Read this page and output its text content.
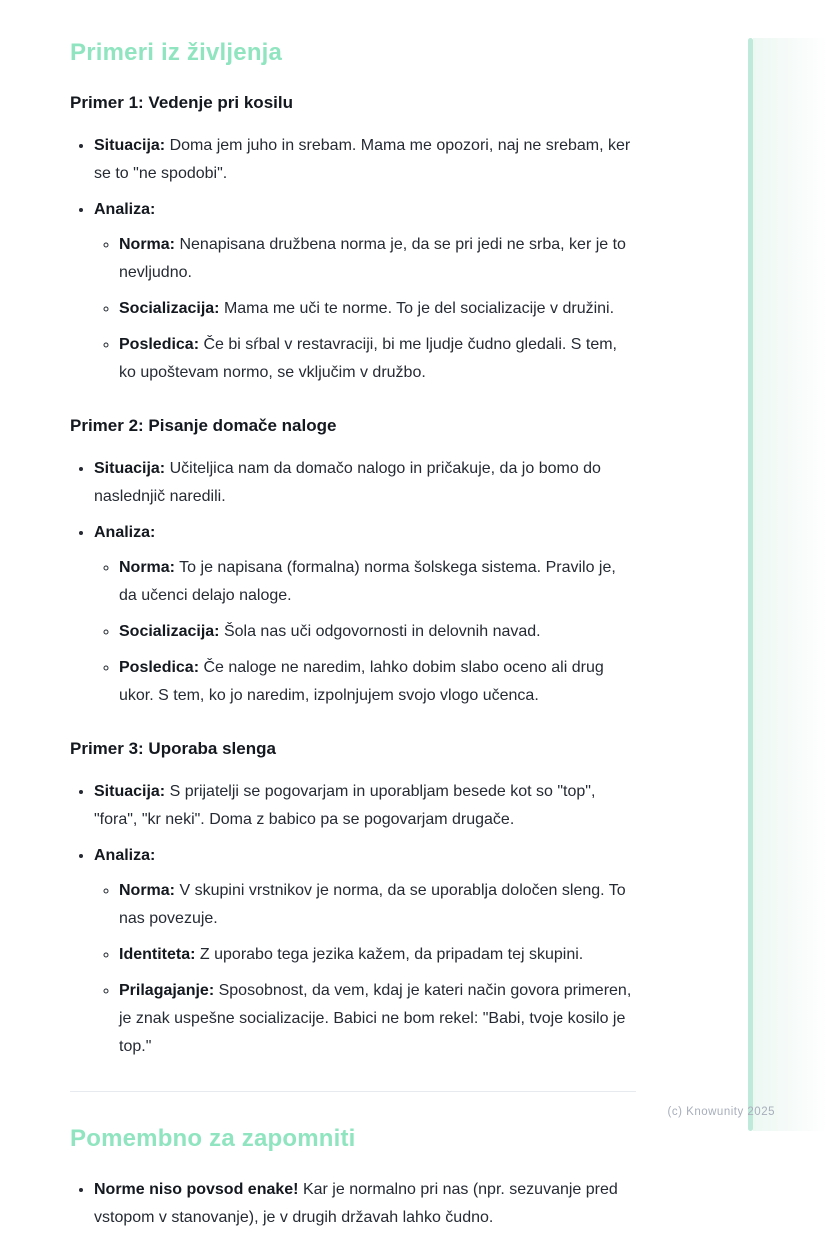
Primeri iz življenja
Primer 1: Vedenje pri kosilu
• Situacija: Doma jem juho in srebam. Mama me opozori, naj ne srebam, ker se to "ne spodobi".
• Analiza:
◦ Norma: Nenapisana družbena norma je, da se pri jedi ne srba, ker je to nevljudno.
◦ Socializacija: Mama me uči te norme. To je del socializacije v družini.
◦ Posledica: Če bi sŕbal v restavraciji, bi me ljudje čudno gledali. S tem, ko upoštevam normo, se vključim v družbo.
Primer 2: Pisanje domače naloge
• Situacija: Učiteljica nam da domačo nalogo in pričakuje, da jo bomo do naslednjič naredili.
• Analiza:
◦ Norma: To je napisana (formalna) norma šolskega sistema. Pravilo je, da učenci delajo naloge.
◦ Socializacija: Šola nas uči odgovornosti in delovnih navad.
◦ Posledica: Če naloge ne naredim, lahko dobim slabo oceno ali drug ukor. S tem, ko jo naredim, izpolnjujem svojo vlogo učenca.
Primer 3: Uporaba slenga
• Situacija: S prijatelji se pogovarjam in uporabljam besede kot so "top", "fora", "kr neki". Doma z babico pa se pogovarjam drugače.
• Analiza:
◦ Norma: V skupini vrstnikov je norma, da se uporablja določen sleng. To nas povezuje.
◦ Identiteta: Z uporabo tega jezika kažem, da pripadam tej skupini.
◦ Prilagajanje: Sposobnost, da vem, kdaj je kateri način govora primeren, je znak uspešne socializacije. Babici ne bom rekel: "Babi, tvoje kosilo je top."
Pomembno za zapomniti
• Norme niso povsod enake! Kar je normalno pri nas (npr. sezuvanje pred vstopom v stanovanje), je v drugih državah lahko čudno.
(c) Knowunity 2025
